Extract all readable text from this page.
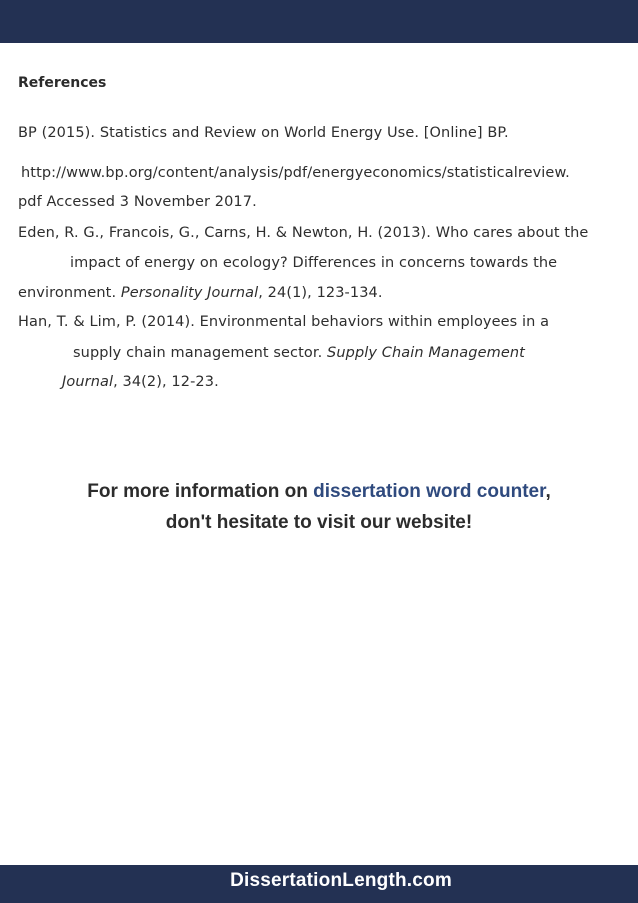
References
BP (2015). Statistics and Review on World Energy Use. [Online] BP.
http://www.bp.org/content/analysis/pdf/energyeconomics/statisticalreview.
pdf Accessed 3 November 2017.
Eden, R. G., Francois, G., Carns, H. & Newton, H. (2013). Who cares about the
impact of energy on ecology? Differences in concerns towards the
environment. Personality Journal, 24(1), 123-134.
Han, T. & Lim, P. (2014). Environmental behaviors within employees in a
supply chain management sector. Supply Chain Management
Journal, 34(2), 12-23.
For more information on dissertation word counter,
don't hesitate to visit our website!
DissertationLength.com
